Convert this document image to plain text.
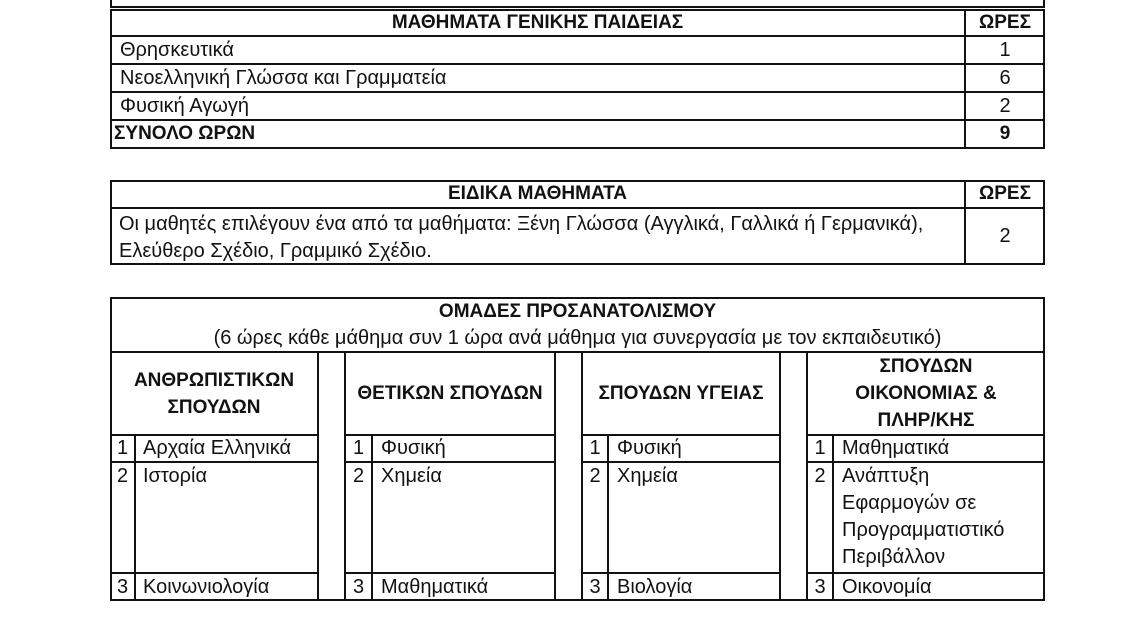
ΜΑΘΗΜΑΤΑ ΓΕΝΙΚΗΣ ΠΑΙΔΕΙΑΣ	ΩΡΕΣ
Θρησκευτικά	1
Νεοελληνική Γλώσσα και Γραμματεία	6
Φυσική Αγωγή	2
ΣΥΝΟΛΟ ΩΡΩΝ	9
ΕΙΔΙΚΑ ΜΑΘΗΜΑΤΑ	ΩΡΕΣ
Οι μαθητές επιλέγουν ένα από τα μαθήματα: Ξένη Γλώσσα (Αγγλικά, Γαλλικά ή Γερμανικά),
Ελεύθερο Σχέδιο, Γραμμικό Σχέδιο.
2
ΟΜΑΔΕΣ ΠΡΟΣΑΝΑΤΟΛΙΣΜΟΥ
(6 ώρες κάθε μάθημα συν 1 ώρα ανά μάθημα για συνεργασία με τον εκπαιδευτικό)
ΑΝΘΡΩΠΙΣΤΙΚΩΝ
ΣΠΟΥΔΩΝ
1 Αρχαία Ελληνικά
2 Ιστορία
3 Κοινωνιολογία
ΘΕΤΙΚΩΝ ΣΠΟΥΔΩΝ
1 Φυσική
2 Χημεία
3 Μαθηματικά
ΣΠΟΥΔΩΝ ΥΓΕΙΑΣ
1 Φυσική
2 Χημεία
3 Βιολογία
ΣΠΟΥΔΩΝ
ΟΙΚΟΝΟΜΙΑΣ &
ΠΛΗΡ/ΚΗΣ
1 Μαθηματικά
2 Ανάπτυξη
Εφαρμογών σε
Προγραμματιστικό
Περιβάλλον
3 Οικονομία
